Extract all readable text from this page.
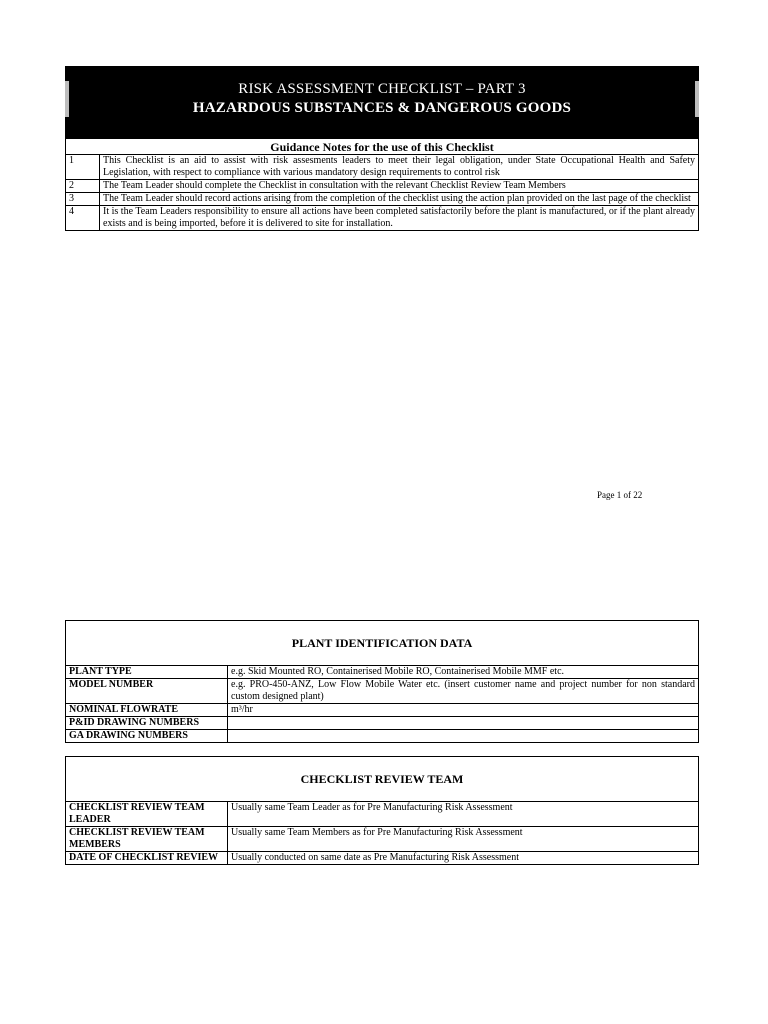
RISK ASSESSMENT CHECKLIST – PART 3
HAZARDOUS SUBSTANCES & DANGEROUS GOODS
Guidance Notes for the use of this Checklist	
1	This Checklist is an aid to assist with risk assesments leaders to meet their legal obligation, under State Occupational Health and Safety Legislation, with respect to compliance with various mandatory design requirements to control risk
2	The Team Leader should complete the Checklist in consultation with the relevant Checklist Review Team Members
3	The Team Leader should record actions arising from the completion of the checklist using the action plan provided on the last page of the checklist
4	It is the Team Leaders responsibility to ensure all actions have been completed satisfactorily before the plant is manufactured, or if the plant already exists and is being imported, before it is delivered to site for installation.
Page 1 of 22
PLANT IDENTIFICATION DATA	
PLANT TYPE	e.g. Skid Mounted RO, Containerised Mobile RO, Containerised Mobile MMF etc.
MODEL NUMBER	e.g. PRO-450-ANZ, Low Flow Mobile Water etc. (insert customer name and project number for non standard custom designed plant)
NOMINAL FLOWRATE	m³/hr
P&ID DRAWING NUMBERS	
GA DRAWING NUMBERS	
CHECKLIST REVIEW TEAM	
CHECKLIST REVIEW TEAM LEADER	Usually same Team Leader as for Pre Manufacturing Risk Assessment
CHECKLIST REVIEW TEAM MEMBERS	Usually same Team Members as for Pre Manufacturing Risk Assessment
DATE OF CHECKLIST REVIEW	Usually conducted on same date as Pre Manufacturing Risk Assessment
